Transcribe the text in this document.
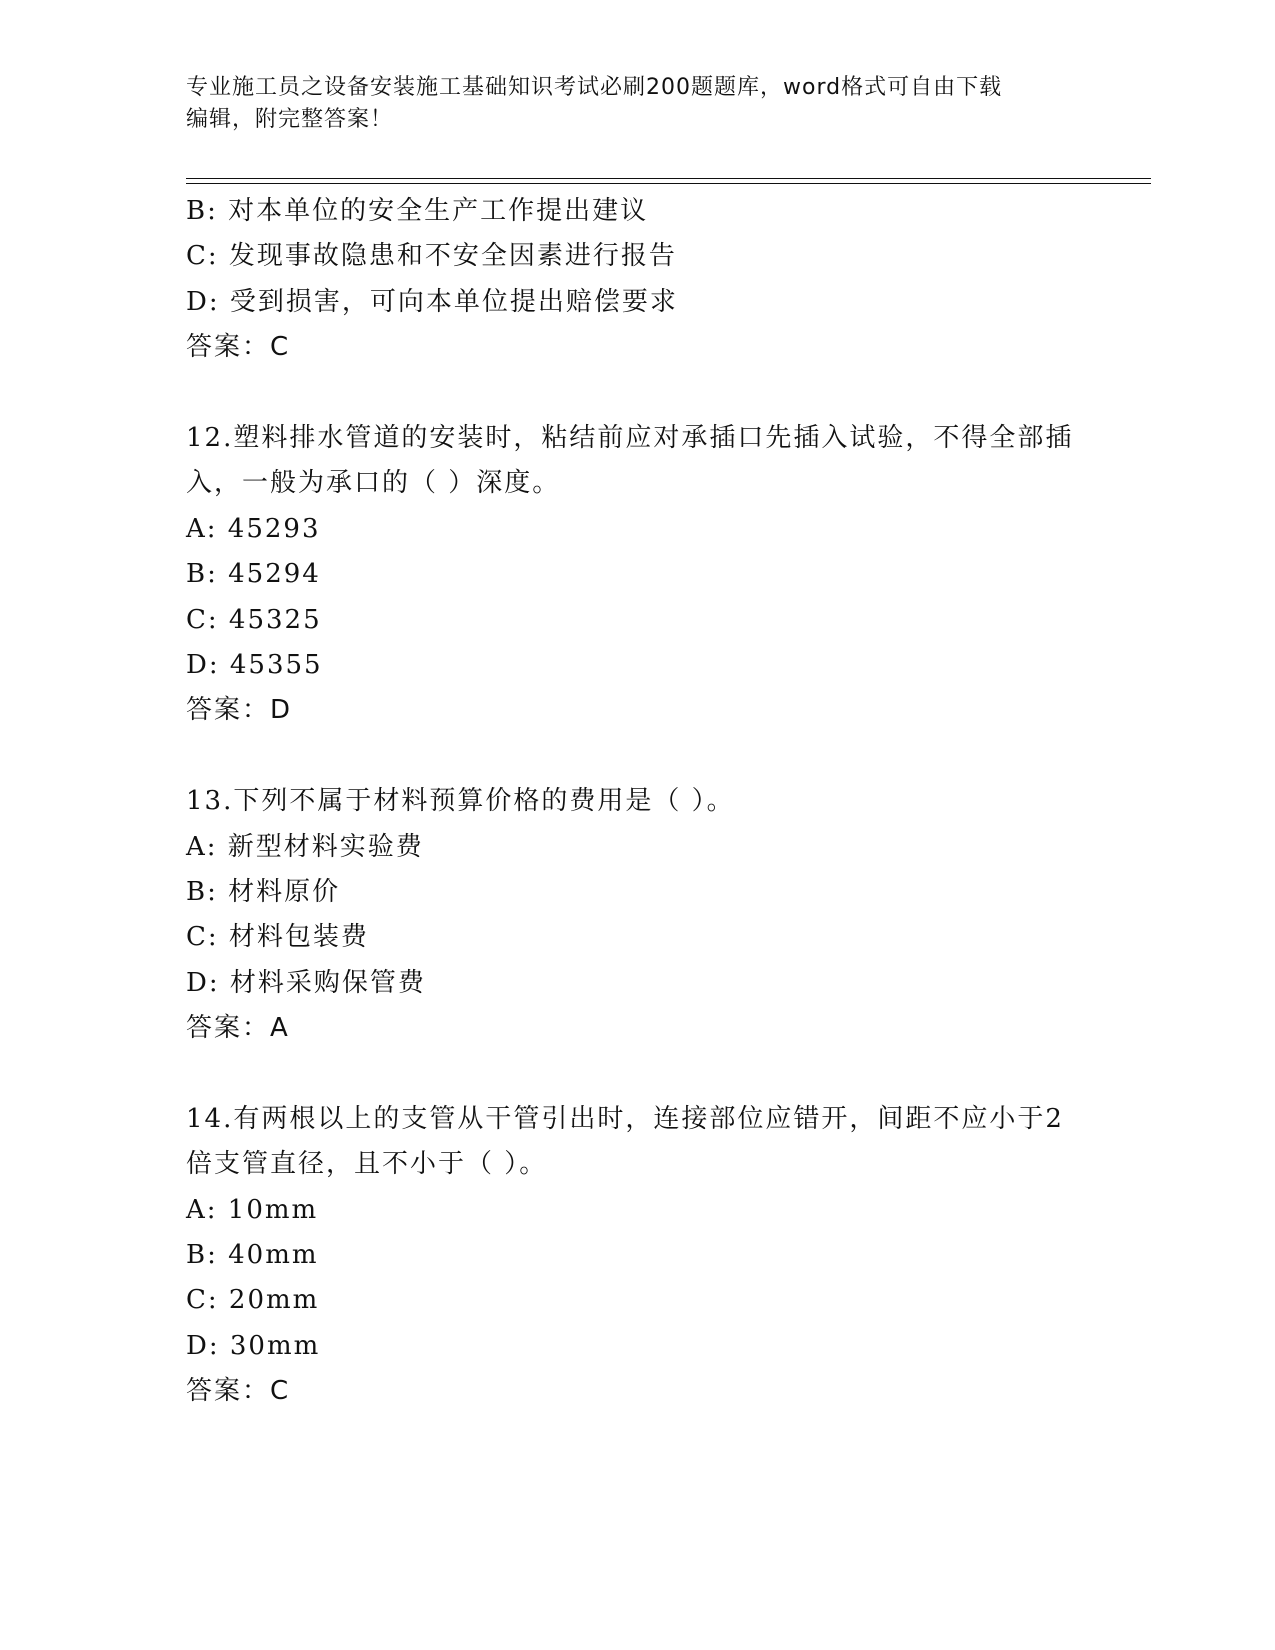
专业施工员之设备安装施工基础知识考试必刷200题题库，word格式可自由下载
编辑，附完整答案！
B: 对本单位的安全生产工作提出建议
C: 发现事故隐患和不安全因素进行报告
D: 受到损害，可向本单位提出赔偿要求
答案：C
12.塑料排水管道的安装时，粘结前应对承插口先插入试验，不得全部插入，一般为承口的（ ）深度。
A: 45293
B: 45294
C: 45325
D: 45355
答案：D
13.下列不属于材料预算价格的费用是（ ）。
A: 新型材料实验费
B: 材料原价
C: 材料包装费
D: 材料采购保管费
答案：A
14.有两根以上的支管从干管引出时，连接部位应错开，间距不应小于2倍支管直径，且不小于（ ）。
A: 10mm
B: 40mm
C: 20mm
D: 30mm
答案：C
